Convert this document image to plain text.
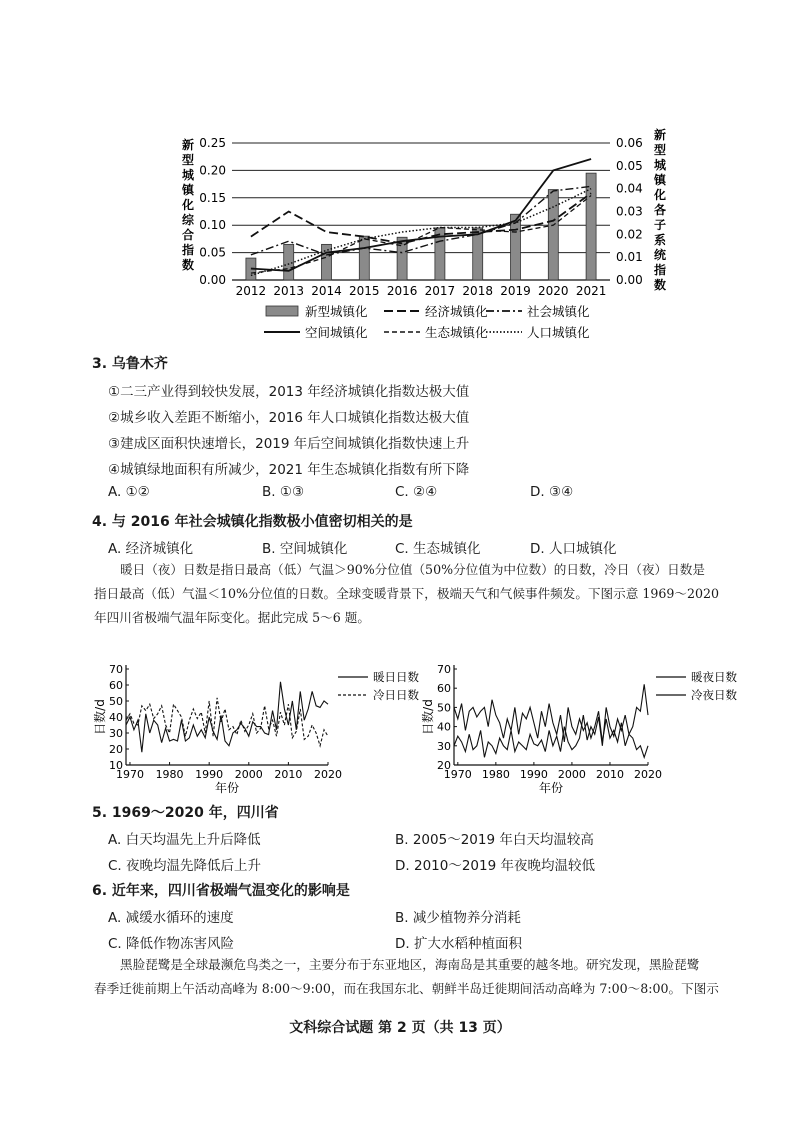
新
型
城
镇
化
综
合
指
数
新
型
城
镇
化
各
子
系
统
指
数
0.25
0.20
0.15
0.10
0.05
0.00
0.06
0.05
0.04
0.03
0.02
0.01
0.00
2012 2013 2014 2015 2016 2017 2018 2019 2020 2021
新型城镇化	经济城镇化	社会城镇化
空间城镇化	生态城镇化	人口城镇化
3. 乌鲁木齐
①二三产业得到较快发展，2013 年经济城镇化指数达极大值
②城乡收入差距不断缩小，2016 年人口城镇化指数达极大值
③建成区面积快速增长，2019 年后空间城镇化指数快速上升
④城镇绿地面积有所减少，2021 年生态城镇化指数有所下降
A. ①②	B. ①③	C. ②④	D. ③④
4. 与 2016 年社会城镇化指数极小值密切相关的是
A. 经济城镇化	B. 空间城镇化	C. 生态城镇化	D. 人口城镇化
暖日（夜）日数是指日最高（低）气温＞90%分位值（50%分位值为中位数）的日数，冷日（夜）日数是
指日最高（低）气温＜10%分位值的日数。全球变暖背景下，极端天气和气候事件频发。下图示意 1969～2020
年四川省极端气温年际变化。据此完成 5～6 题。
70
60
50
40
30
20
10
1970 1980 1990 2000 2010 2020
日数/d
年份
暖日日数
冷日日数
70
60
50
40
30
20
1970 1980 1990 2000 2010 2020
日数/d
年份
暖夜日数
冷夜日数
5. 1969～2020 年，四川省
A. 白天均温先上升后降低	B. 2005～2019 年白天均温较高
C. 夜晚均温先降低后上升	D. 2010～2019 年夜晚均温较低
6. 近年来，四川省极端气温变化的影响是
A. 减缓水循环的速度	B. 减少植物养分消耗
C. 降低作物冻害风险	D. 扩大水稻种植面积
黑脸琵鹭是全球最濒危鸟类之一，主要分布于东亚地区，海南岛是其重要的越冬地。研究发现，黑脸琵鹭
春季迁徙前期上午活动高峰为 8:00～9:00，而在我国东北、朝鲜半岛迁徙期间活动高峰为 7:00～8:00。下图示
文科综合试题 第 2 页（共 13 页）
